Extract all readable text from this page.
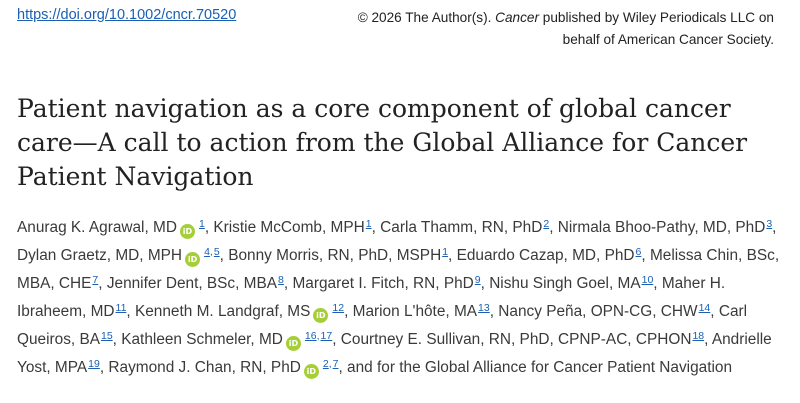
https://doi.org/10.1002/cncr.70520	© 2026 The Author(s). Cancer published by Wiley Periodicals LLC on behalf of American Cancer Society.
Patient navigation as a core component of global cancer care—A call to action from the Global Alliance for Cancer Patient Navigation
Anurag K. Agrawal, MD iD$^1$, Kristie McComb, MPH$^1$, Carla Thamm, RN, PhD$^2$, Nirmala Bhoo-Pathy, MD, PhD$^3$, Dylan Graetz, MD, MPH iD$^{4,5}$, Bonny Morris, RN, PhD, MSPH$^1$, Eduardo Cazap, MD, PhD$^6$, Melissa Chin, BSc, MBA, CHE$^7$, Jennifer Dent, BSc, MBA$^8$, Margaret I. Fitch, RN, PhD$^9$, Nishu Singh Goel, MA$^{10}$, Maher H. Ibraheem, MD$^{11}$, Kenneth M. Landgraf, MS iD$^{12}$, Marion L'hôte, MA$^{13}$, Nancy Peña, OPN-CG, CHW$^{14}$, Carl Queiros, BA$^{15}$, Kathleen Schmeler, MD iD$^{16,17}$, Courtney E. Sullivan, RN, PhD, CPNP-AC, CPHON$^{18}$, Andrielle Yost, MPA$^{19}$, Raymond J. Chan, RN, PhD iD$^{2,7}$, and for the Global Alliance for Cancer Patient Navigation
